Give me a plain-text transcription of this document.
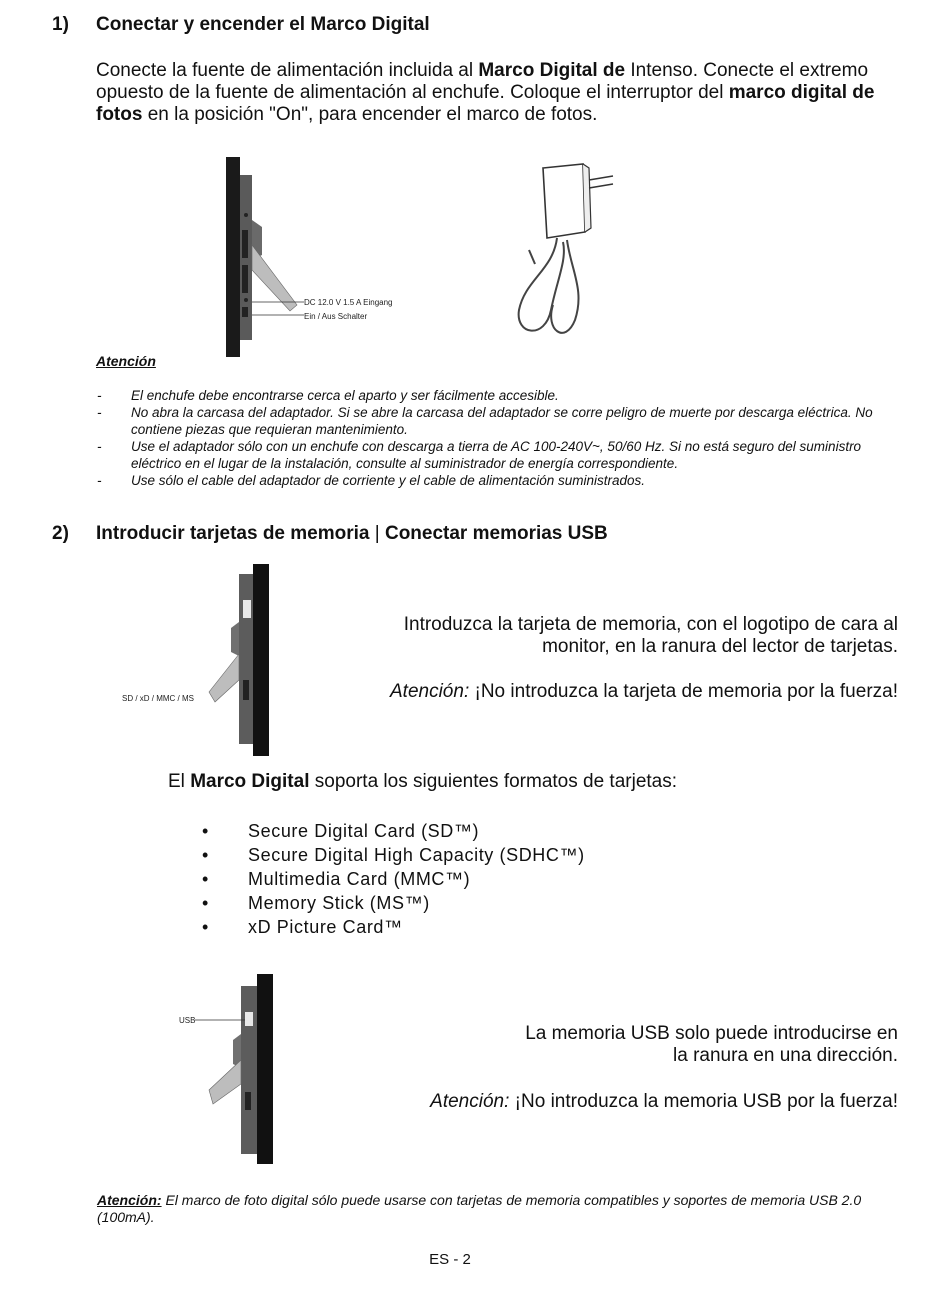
1) Conectar y encender el Marco Digital
Conecte la fuente de alimentación incluida al Marco Digital de Intenso. Conecte el extremo opuesto de la fuente de alimentación al enchufe. Coloque el interruptor del marco digital de fotos en la posición "On", para encender el marco de fotos.
DC 12.0 V 1.5 A Eingang
Ein / Aus Schalter
Atención
-	El enchufe debe encontrarse cerca el aparto y ser fácilmente accesible.
-	No abra la carcasa del adaptador. Si se abre la carcasa del adaptador se corre peligro de muerte por descarga eléctrica. No contiene piezas que requieran mantenimiento.
-	Use el adaptador sólo con un enchufe con descarga a tierra de AC 100-240V~, 50/60 Hz. Si no está seguro del suministro eléctrico en el lugar de la instalación, consulte al suministrador de energía correspondiente.
-	Use sólo el cable del adaptador de corriente y el cable de alimentación suministrados.
2) Introducir tarjetas de memoria | Conectar memorias USB
SD / xD / MMC / MS
Introduzca la tarjeta de memoria, con el logotipo de cara al monitor, en la ranura del lector de tarjetas.
Atención: ¡No introduzca la tarjeta de memoria por la fuerza!
El Marco Digital soporta los siguientes formatos de tarjetas:
•	Secure Digital Card (SD™)
•	Secure Digital High Capacity (SDHC™)
•	Multimedia Card (MMC™)
•	Memory Stick (MS™)
•	xD Picture Card™
USB
La memoria USB solo puede introducirse en
la ranura en una dirección.
Atención: ¡No introduzca la memoria USB por la fuerza!
Atención: El marco de foto digital sólo puede usarse con tarjetas de memoria compatibles y soportes de memoria USB 2.0 (100mA).
ES - 2
